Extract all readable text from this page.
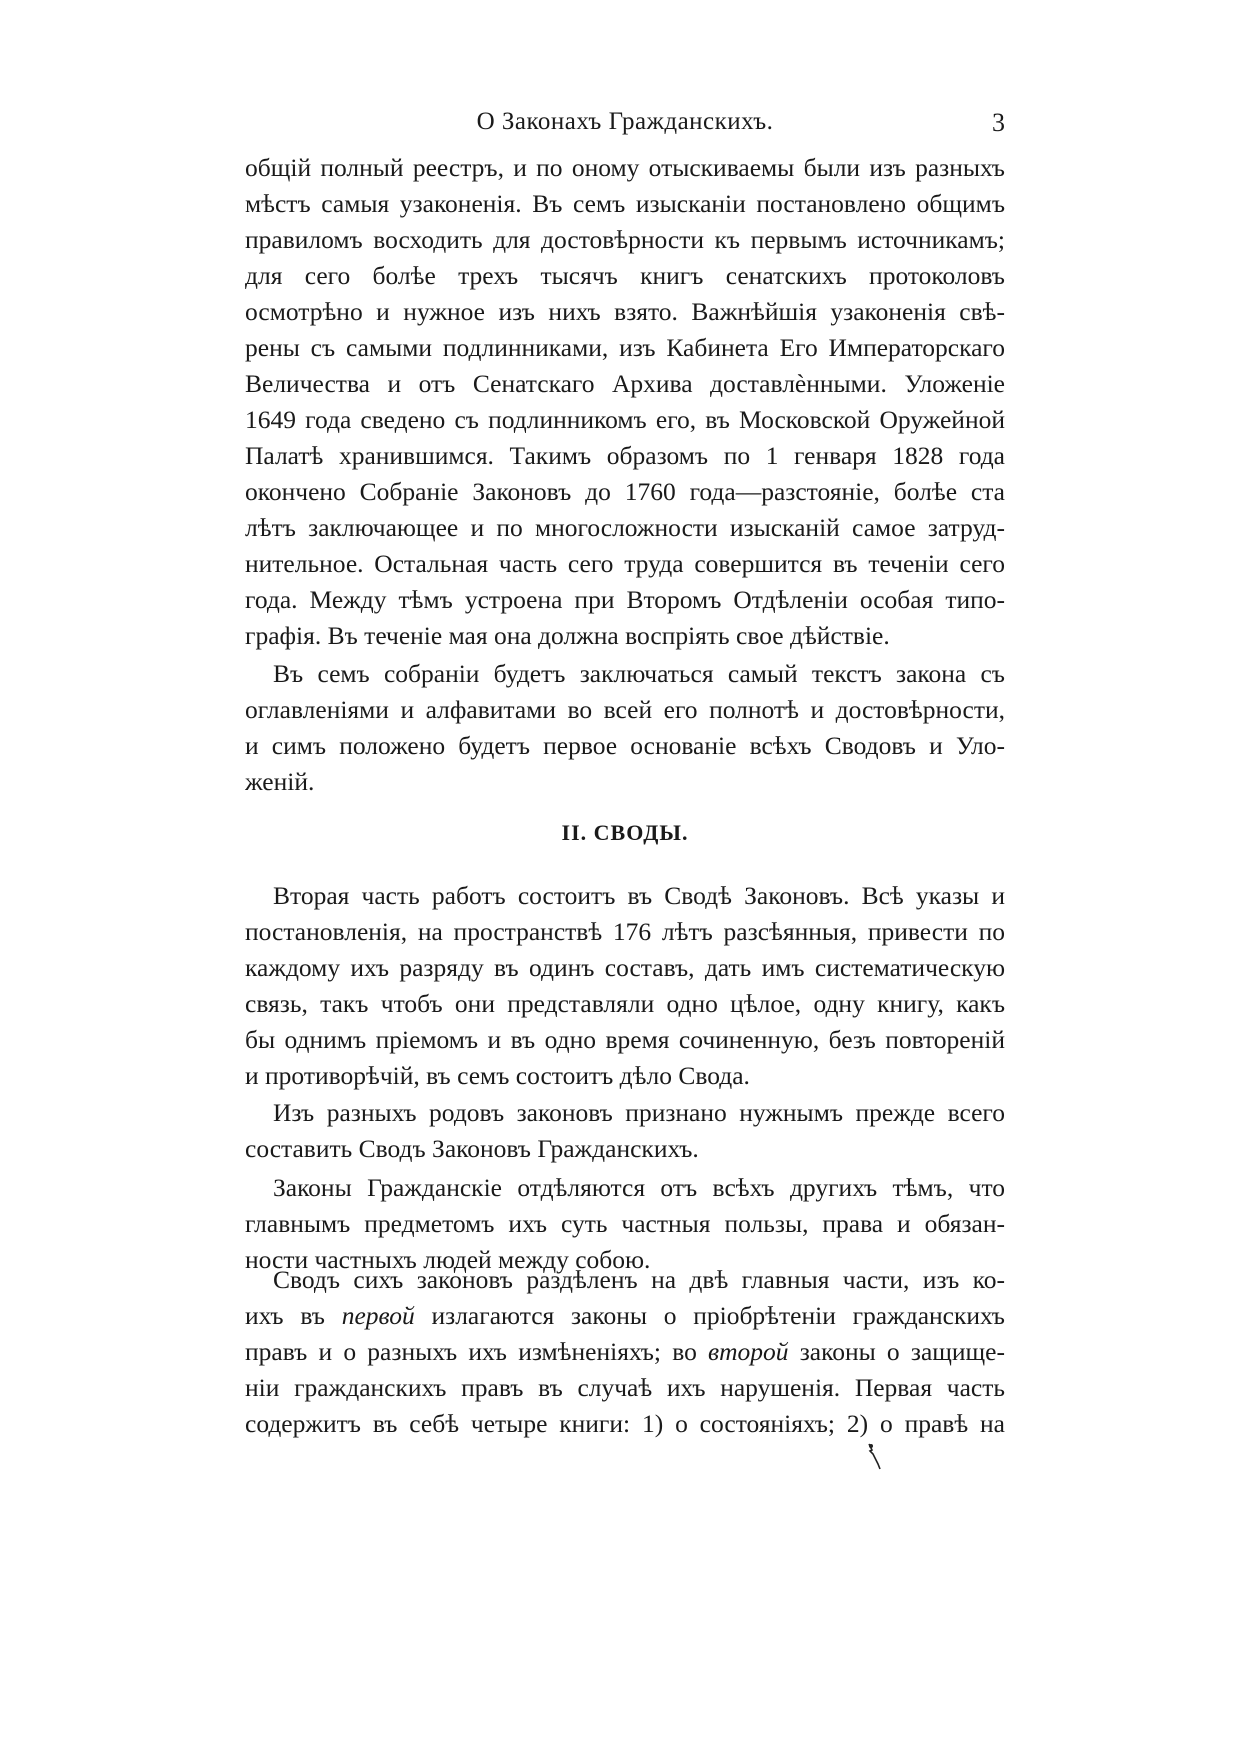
О Законахъ Гражданскихъ.	3
общій полный реестръ, и по оному отыскиваемы были изъ разныхъ
мѣстъ самыя узаконенія. Въ семъ изысканіи постановлено общимъ
правиломъ восходить для достовѣрности къ первымъ источникамъ;
для сего болѣе трехъ тысячъ книгъ сенатскихъ протоколовъ
осмотрѣно и нужное изъ нихъ взято. Важнѣйшія узаконенія свѣ-
рены съ самыми подлинниками, изъ Кабинета Его Императорскаго
Величества и отъ Сенатскаго Архива доставлѐнными. Уложеніе
1649 года сведено съ подлинникомъ его, въ Московской Оружейной
Палатѣ хранившимся. Такимъ образомъ по 1 генваря 1828 года
окончено Собраніе Законовъ до 1760 года—разстояніе, болѣе ста
лѣтъ заключающее и по многосложности изысканій самое затруд-
нительное. Остальная часть сего труда совершится въ теченіи сего
года. Между тѣмъ устроена при Второмъ Отдѣленіи особая типо-
графія. Въ теченіе мая она должна воспріять свое дѣйствіе.
Въ семъ собраніи будетъ заключаться самый текстъ закона съ
оглавленіями и алфавитами во всей его полнотѣ и достовѣрности,
и симъ положено будетъ первое основаніе всѣхъ Сводовъ и Уло-
женій.
II. СВОДЫ.
Вторая часть работъ состоитъ въ Сводѣ Законовъ. Всѣ указы и
постановленія, на пространствѣ 176 лѣтъ разсѣянныя, привести по
каждому ихъ разряду въ одинъ составъ, дать имъ систематическую
связь, такъ чтобъ они представляли одно цѣлое, одну книгу, какъ
бы однимъ пріемомъ и въ одно время сочиненную, безъ повтореній
и противорѣчій, въ семъ состоитъ дѣло Свода.
Изъ разныхъ родовъ законовъ признано нужнымъ прежде всего
составить Сводъ Законовъ Гражданскихъ.
Законы Гражданскіе отдѣляются отъ всѣхъ другихъ тѣмъ, что
главнымъ предметомъ ихъ суть частныя пользы, права и обязан-
ности частныхъ людей между собою.
Сводъ сихъ законовъ раздѣленъ на двѣ главныя части, изъ ко-
ихъ въ первой излагаются законы о пріобрѣтеніи гражданскихъ
правъ и о разныхъ ихъ измѣненіяхъ; во второй законы о защище-
ніи гражданскихъ правъ въ случаѣ ихъ нарушенія. Первая часть
содержитъ въ себѣ четыре книги: 1) о состояніяхъ; 2) о правѣ на
